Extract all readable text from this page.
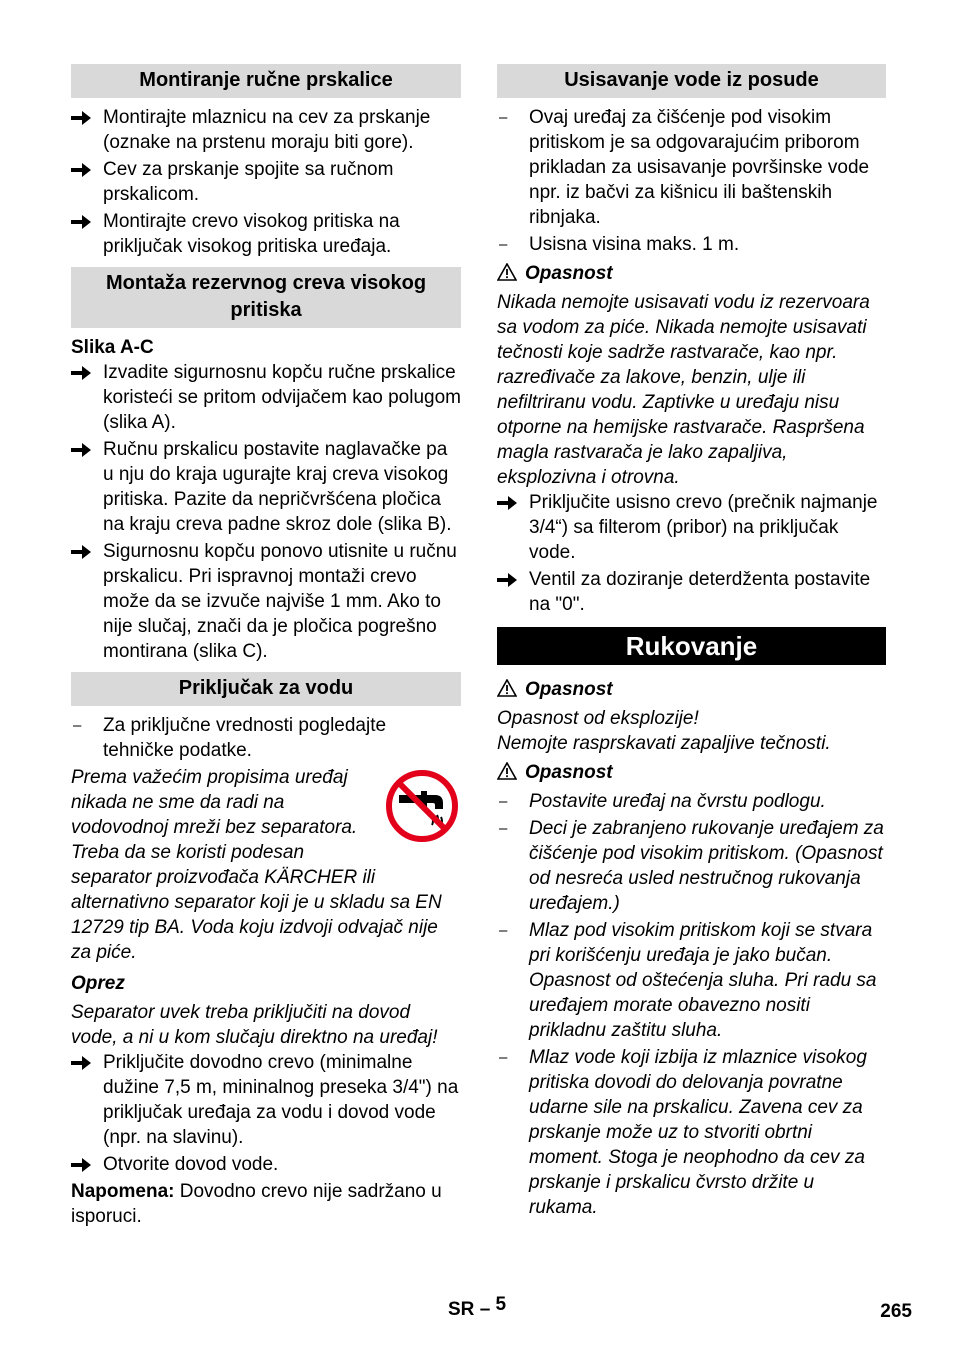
Montiranje ručne prskalice
Montirajte mlaznicu na cev za prskanje (oznake na prstenu moraju biti gore).
Cev za prskanje spojite sa ručnom prskalicom.
Montirajte crevo visokog pritiska na priključak visokog pritiska uređaja.
Montaža rezervnog creva visokog pritiska
Slika A-C
Izvadite sigurnosnu kopču ručne prskalice koristeći se pritom odvijačem kao polugom (slika A).
Ručnu prskalicu postavite naglavačke pa u nju do kraja ugurajte kraj creva visokog pritiska. Pazite da nepričvršćena pločica na kraju creva padne skroz dole (slika B).
Sigurnosnu kopču ponovo utisnite u ručnu prskalicu. Pri ispravnoj montaži crevo može da se izvuče najviše 1 mm. Ako to nije slučaj, znači da je pločica pogrešno montirana (slika C).
Priključak za vodu
– Za priključne vrednosti pogledajte tehničke podatke.
Prema važećim propisima uređaj
nikada ne sme da radi na
vodovodnoj mreži bez separatora.
Treba da se koristi podesan
separator proizvođača KÄRCHER ili alternativno separator koji je u skladu sa EN 12729 tip BA. Voda koju izdvoji odvajač nije za piće.
Oprez
Separator uvek treba priključiti na dovod vode, a ni u kom slučaju direktno na uređaj!
Priključite dovodno crevo (minimalne dužine 7,5 m, mininalnog preseka 3/4") na priključak uređaja za vodu i dovod vode (npr. na slavinu).
Otvorite dovod vode.
Napomena: Dovodno crevo nije sadržano u isporuci.
Usisavanje vode iz posude
– Ovaj uređaj za čišćenje pod visokim pritiskom je sa odgovarajućim priborom prikladan za usisavanje površinske vode npr. iz bačvi za kišnicu ili baštenskih ribnjaka.
– Usisna visina maks. 1 m.
Opasnost
Nikada nemojte usisavati vodu iz rezervoara sa vodom za piće. Nikada nemojte usisavati tečnosti koje sadrže rastvarače, kao npr. razređivače za lakove, benzin, ulje ili nefiltriranu vodu. Zaptivke u uređaju nisu otporne na hemijske rastvarače. Raspršena magla rastvarača je lako zapaljiva, eksplozivna i otrovna.
Priključite usisno crevo (prečnik najmanje 3/4“) sa filterom (pribor) na priključak vode.
Ventil za doziranje deterdženta postavite na "0".
Rukovanje
Opasnost
Opasnost od eksplozije!
Nemojte rasprskavati zapaljive tečnosti.
Opasnost
– Postavite uređaj na čvrstu podlogu.
– Deci je zabranjeno rukovanje uređajem za čišćenje pod visokim pritiskom. (Opasnost od nesreća usled nestručnog rukovanja uređajem.)
– Mlaz pod visokim pritiskom koji se stvara pri korišćenju uređaja je jako bučan. Opasnost od oštećenja sluha. Pri radu sa uređajem morate obavezno nositi prikladnu zaštitu sluha.
– Mlaz vode koji izbija iz mlaznice visokog pritiska dovodi do delovanja povratne udarne sile na prskalicu. Zavena cev za prskanje može uz to stvoriti obrtni moment. Stoga je neophodno da cev za prskanje i prskalicu čvrsto držite u rukama.
SR – 5	265
